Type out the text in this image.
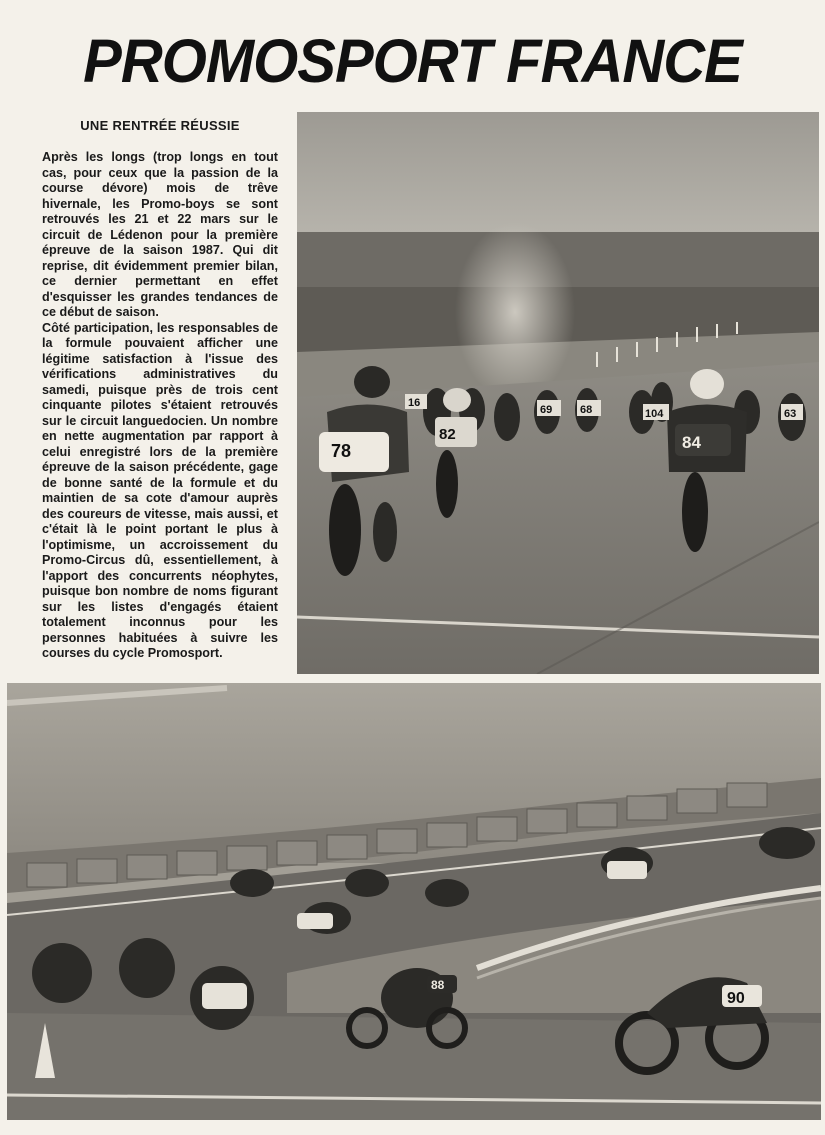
PROMOSPORT FRANCE
UNE RENTRÉE RÉUSSIE

Après les longs (trop longs en tout cas, pour ceux que la passion de la course dévore) mois de trêve hivernale, les Promo-boys se sont retrouvés les 21 et 22 mars sur le circuit de Lédenon pour la première épreuve de la saison 1987. Qui dit reprise, dit évidemment premier bilan, ce dernier permettant en effet d'esquisser les grandes tendances de ce début de saison.

Côté participation, les responsables de la formule pouvaient afficher une légitime satisfaction à l'issue des vérifications administratives du samedi, puisque près de trois cent cinquante pilotes s'étaient retrouvés sur le circuit languedocien. Un nombre en nette augmentation par rapport à celui enregistré lors de la première épreuve de la saison précédente, gage de bonne santé de la formule et du maintien de sa cote d'amour auprès des coureurs de vitesse, mais aussi, et c'était là le point portant le plus à l'optimisme, un accroissement du Promo-Circus dû, essentiellement, à l'apport des concurrents néophytes, puisque bon nombre de noms figurant sur les listes d'engagés étaient totalement inconnus pour les personnes habituées à suivre les courses du cycle Promosport.

78
82	84
104	63
69	68
16
90
88
